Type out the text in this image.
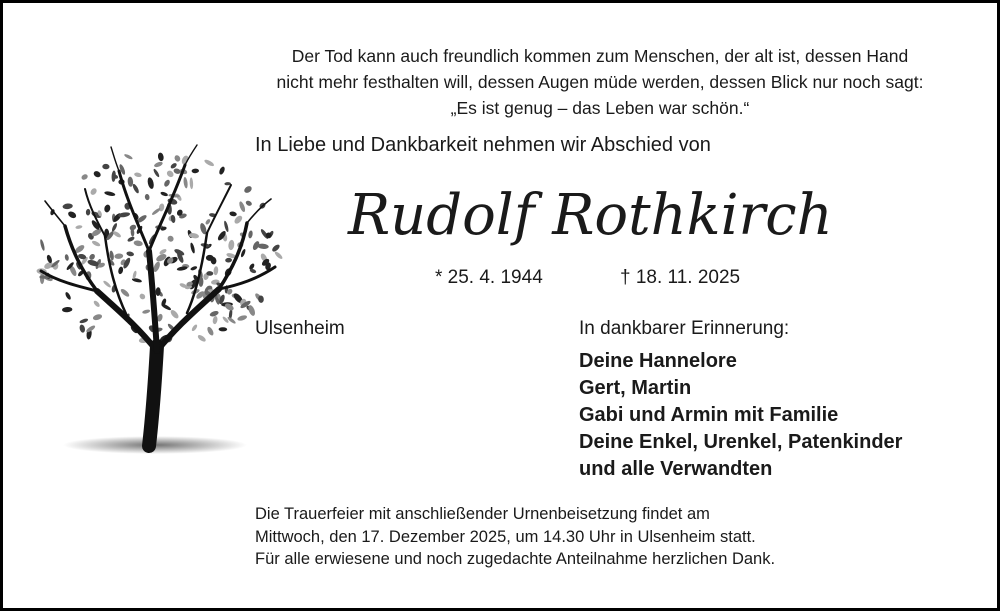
Der Tod kann auch freundlich kommen zum Menschen, der alt ist, dessen Hand
nicht mehr festhalten will, dessen Augen müde werden, dessen Blick nur noch sagt:
„Es ist genug – das Leben war schön.“
In Liebe und Dankbarkeit nehmen wir Abschied von
Rudolf Rothkirch
* 25. 4. 1944	† 18. 11. 2025
Ulsenheim	In dankbarer Erinnerung:
Deine Hannelore
Gert, Martin
Gabi und Armin mit Familie
Deine Enkel, Urenkel, Patenkinder
und alle Verwandten
Die Trauerfeier mit anschließender Urnenbeisetzung findet am
Mittwoch, den 17. Dezember 2025, um 14.30 Uhr in Ulsenheim statt.
Für alle erwiesene und noch zugedachte Anteilnahme herzlichen Dank.
